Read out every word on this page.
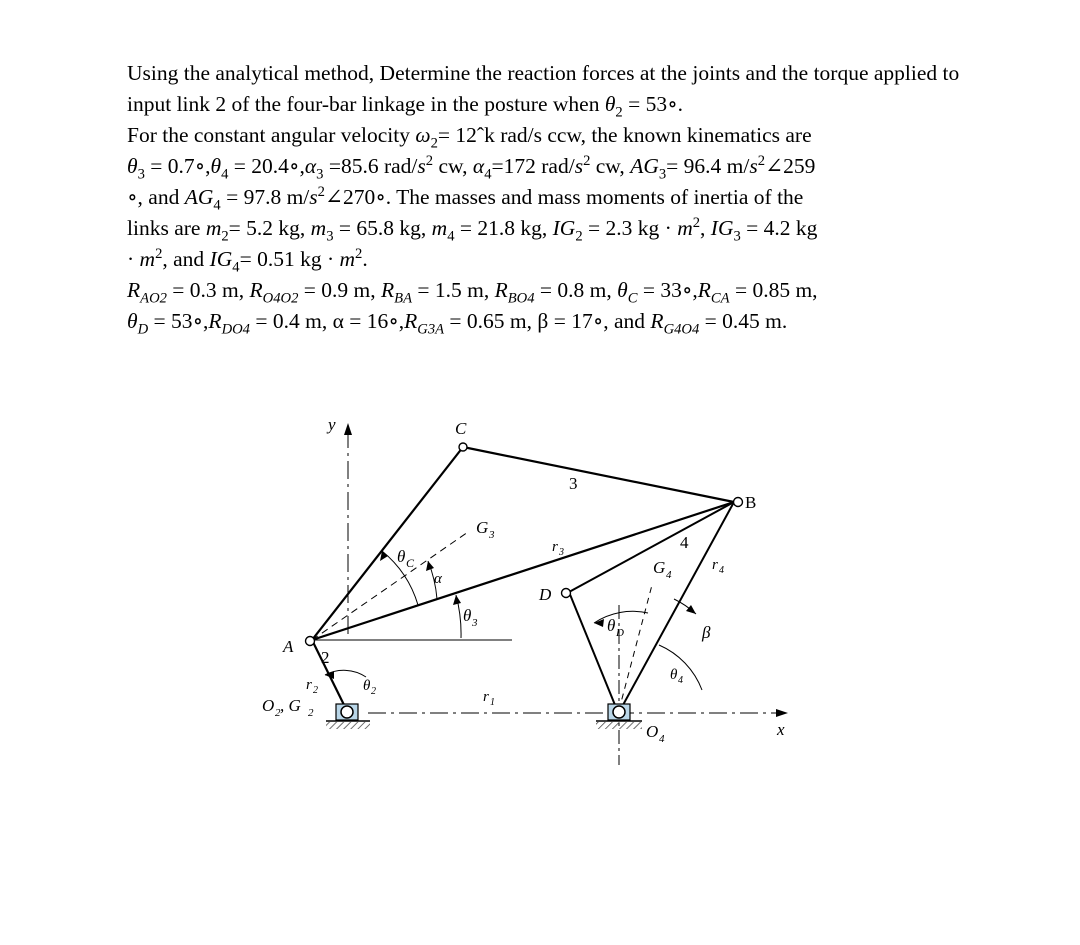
Using the analytical method, Determine the reaction forces at the joints and the torque applied to input link 2 of the four-bar linkage in the posture when $\theta_2$ = 53∘.
For the constant angular velocity $\omega_2=$ 12ˆk rad/s ccw, the known kinematics are
$\theta_3$ = $0.7\circ,\theta_4$ = $20.4\circ,\alpha_3 =85.6$ rad/$s^2$ cw, $\alpha_4=172$ rad/$s^2$ cw, $AG_3= 96.4$ $m/s^2\angle 259$
∘, and $AG_4 = 97.8$ $m/s^2\angle 270\circ$. The masses and mass moments of inertia of the
links are $m_2= 5.2$ kg, $m_3 = 65.8$ kg, $m_4 = 21.8$ kg, $IG_2 = 2.3$ kg · $m^2$, $IG_3 = 4.2$ kg
· $m^2$, and $IG_4= 0.51$ kg · $m^2$.

$R_{AO2} = 0.3$ m, $R_{O4O2} = 0.9$ m, $R_{BA} = 1.5$ m, $R_{BO4} = 0.8$ m, $\theta_C$ = $33\circ,R_{CA} = 0.85$ m,
$\theta_D$ = $53\circ,R_{DO4} = 0.4$ m, $\alpha = 16\circ,R_{G3A} = 0.65$ m, β = 17∘, and $R_{G4O4} = 0.45$ m.

y
x
C
B
A
D
3
4
2
G 3
G 4
r 3
r 4
r 2	r 1
θ C
α
θ 3	θ D	β
θ 4
θ 2
O 2 , G 2
O 4
